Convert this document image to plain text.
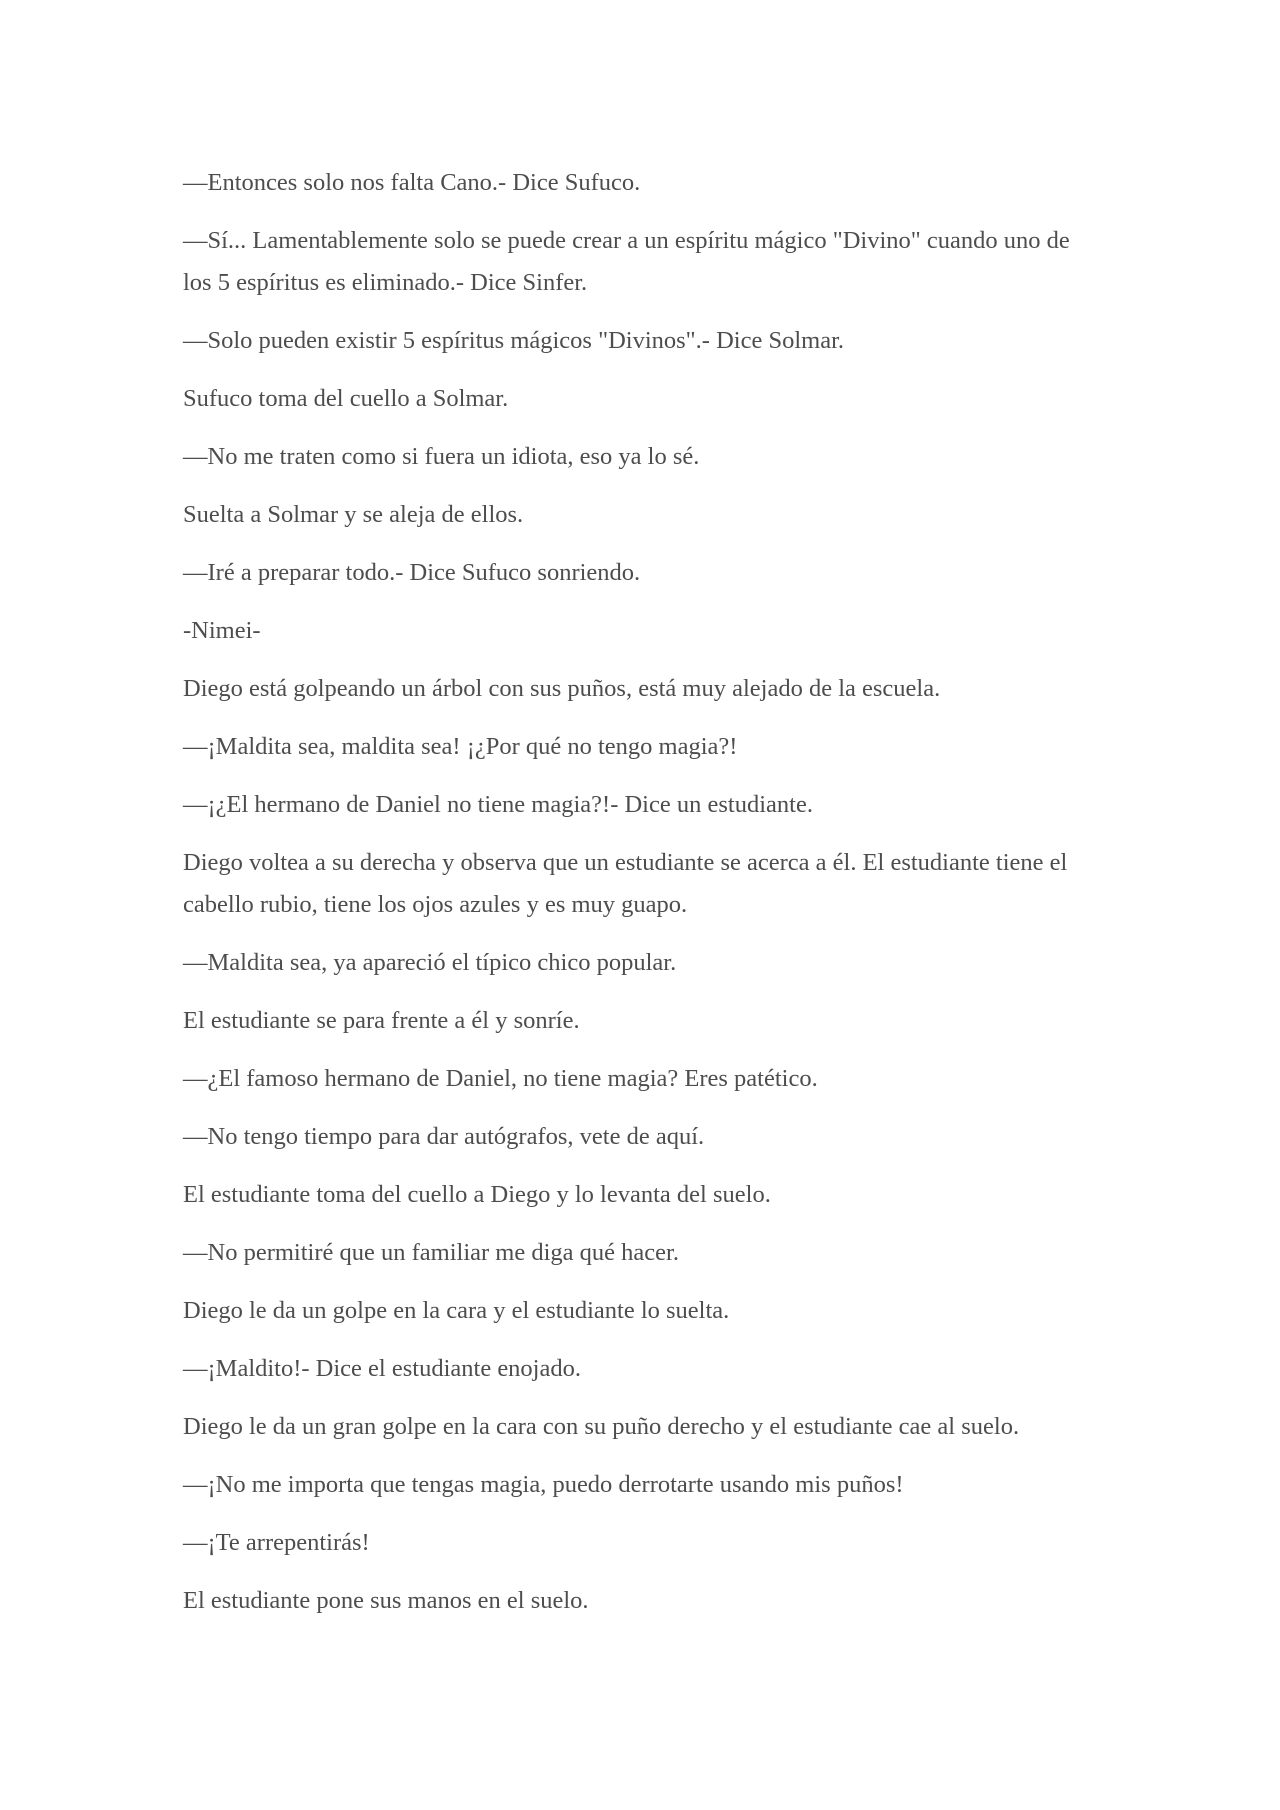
—Entonces solo nos falta Cano.- Dice Sufuco.

—Sí... Lamentablemente solo se puede crear a un espíritu mágico "Divino" cuando uno de los 5 espíritus es eliminado.- Dice Sinfer.

—Solo pueden existir 5 espíritus mágicos "Divinos".- Dice Solmar.

Sufuco toma del cuello a Solmar.

—No me traten como si fuera un idiota, eso ya lo sé.

Suelta a Solmar y se aleja de ellos.

—Iré a preparar todo.- Dice Sufuco sonriendo.

-Nimei-

Diego está golpeando un árbol con sus puños, está muy alejado de la escuela.

—¡Maldita sea, maldita sea! ¡¿Por qué no tengo magia?!

—¡¿El hermano de Daniel no tiene magia?!- Dice un estudiante.

Diego voltea a su derecha y observa que un estudiante se acerca a él. El estudiante tiene el cabello rubio, tiene los ojos azules y es muy guapo.

—Maldita sea, ya apareció el típico chico popular.

El estudiante se para frente a él y sonríe.

—¿El famoso hermano de Daniel, no tiene magia? Eres patético.

—No tengo tiempo para dar autógrafos, vete de aquí.

El estudiante toma del cuello a Diego y lo levanta del suelo.

—No permitiré que un familiar me diga qué hacer.

Diego le da un golpe en la cara y el estudiante lo suelta.

—¡Maldito!- Dice el estudiante enojado.

Diego le da un gran golpe en la cara con su puño derecho y el estudiante cae al suelo.

—¡No me importa que tengas magia, puedo derrotarte usando mis puños!

—¡Te arrepentirás!

El estudiante pone sus manos en el suelo.
